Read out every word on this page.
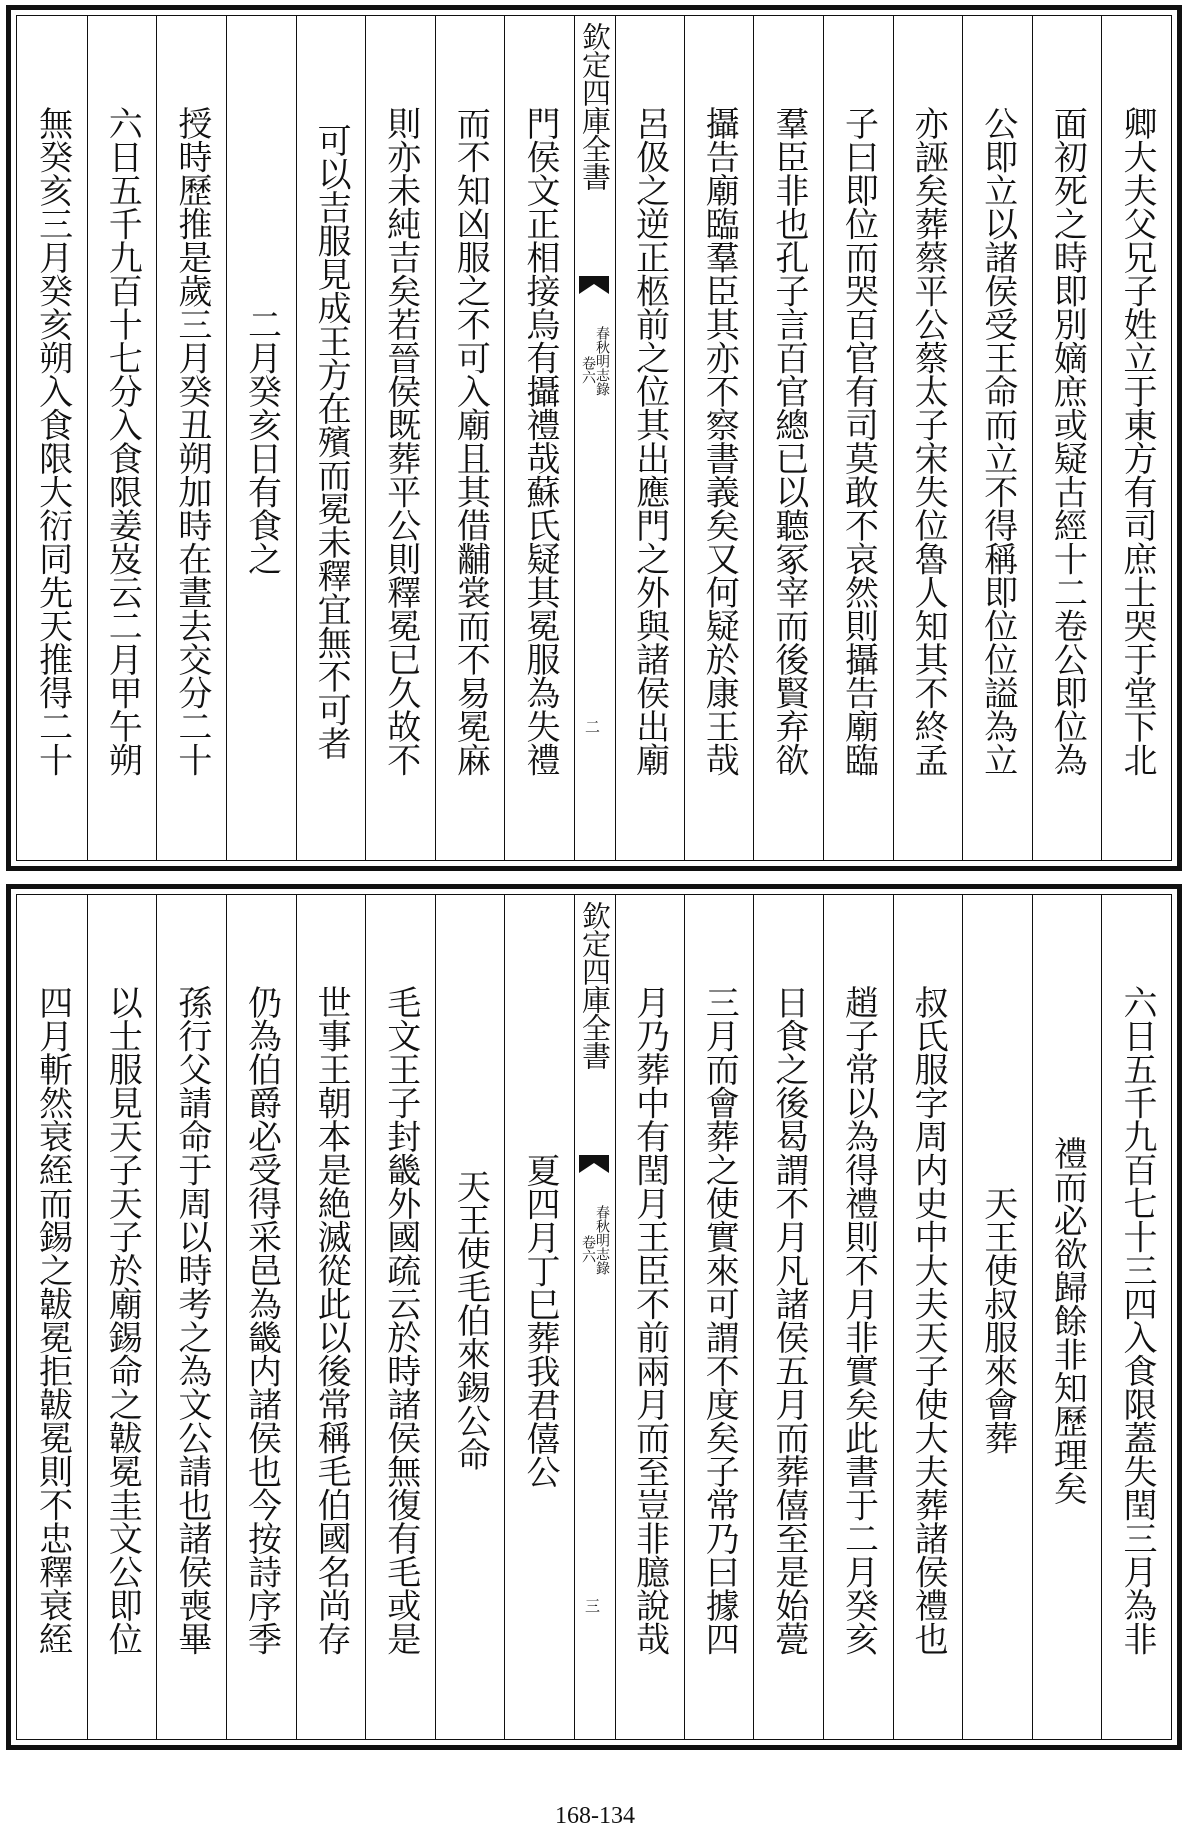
門侯文正相接烏有攝禮哉蘇氏疑其冕服為失禮
而不知凶服之不可入廟且其借黼裳而不易冕麻
則亦未純吉矣若晉侯既葬平公則釋冕已久故不
可以吉服見成王方在殯而冕未釋宜無不可者
二月癸亥日有食之
授時歷推是歲三月癸丑朔加時在晝去交分二十
六日五千九百十七分入食限姜岌云二月甲午朔
無癸亥三月癸亥朔入食限大衍同先天推得二十	欽定四庫全書
春秋明志錄
卷六
二	卿大夫父兄子姓立于東方有司庶士哭于堂下北
面初死之時即別嫡庶或疑古經十二卷公即位為
公即立以諸侯受王命而立不得稱即位位謚為立
亦誣矣葬蔡平公蔡太子宋失位魯人知其不終孟
子曰即位而哭百官有司莫敢不哀然則攝告廟臨
羣臣非也孔子言百官總已以聽冢宰而後賢弃欲
攝告廟臨羣臣其亦不察書義矣又何疑於康王哉
呂伋之逆正柩前之位其出應門之外與諸侯出廟
夏四月丁巳葬我君僖公
天王使毛伯來錫公命
毛文王子封畿外國疏云於時諸侯無復有毛或是
世事王朝本是絶滅從此以後常稱毛伯國名尚存
仍為伯爵必受得采邑為畿内諸侯也今按詩序季
孫行父請命于周以時考之為文公請也諸侯喪畢
以士服見天子天子於廟錫命之韍冕圭文公即位
四月斬然衰絰而錫之韍冕拒韍冕則不忠釋衰絰	欽定四庫全書
春秋明志錄
卷六
三	六日五千九百七十三四入食限蓋失閏三月為非
禮而必欲歸餘非知歷理矣
天王使叔服來會葬
叔氏服字周内史中大夫天子使大夫葬諸侯禮也
趙子常以為得禮則不月非實矣此書于二月癸亥
日食之後曷謂不月凡諸侯五月而葬僖至是始甍
三月而會葬之使實來可謂不度矣子常乃曰據四
月乃葬中有閏月王臣不前兩月而至豈非臆說哉
168-134
